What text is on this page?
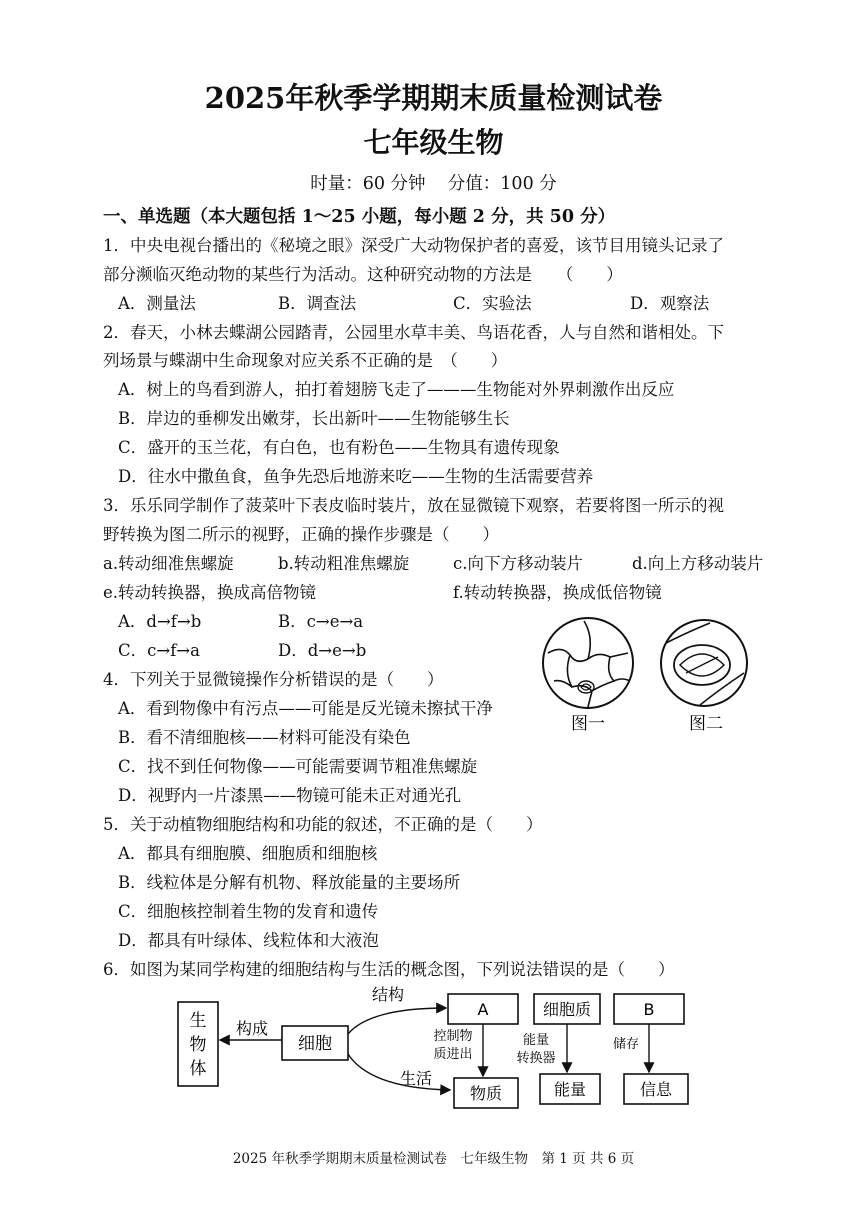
2025年秋季学期期末质量检测试卷
七年级生物
时量：60 分钟    分值：100 分
一、单选题（本大题包括 1～25 小题，每小题 2 分，共 50 分）
1．中央电视台播出的《秘境之眼》深受广大动物保护者的喜爱，该节目用镜头记录了
部分濒临灭绝动物的某些行为活动。这种研究动物的方法是　　（　　）
A．测量法	B．调查法	C．实验法	D．观察法
2．春天，小林去蝶湖公园踏青，公园里水草丰美、鸟语花香，人与自然和谐相处。下
列场景与蝶湖中生命现象对应关系不正确的是　（　　）
A．树上的鸟看到游人，拍打着翅膀飞走了———生物能对外界刺激作出反应
B．岸边的垂柳发出嫩芽，长出新叶——生物能够生长
C．盛开的玉兰花，有白色，也有粉色——生物具有遗传现象
D．往水中撒鱼食，鱼争先恐后地游来吃——生物的生活需要营养
3．乐乐同学制作了菠菜叶下表皮临时装片，放在显微镜下观察，若要将图一所示的视
野转换为图二所示的视野，正确的操作步骤是（　　）
a.转动细准焦螺旋	b.转动粗准焦螺旋	c.向下方移动装片	d.向上方移动装片
e.转动转换器，换成高倍物镜	f.转动转换器，换成低倍物镜
A．d→f→b	B．c→e→a
C．c→f→a	D．d→e→b
图一	图二
4．下列关于显微镜操作分析错误的是（　　）
A．看到物像中有污点——可能是反光镜未擦拭干净
B．看不清细胞核——材料可能没有染色
C．找不到任何物像——可能需要调节粗准焦螺旋
D．视野内一片漆黑——物镜可能未正对通光孔
5．关于动植物细胞结构和功能的叙述，不正确的是（　　）
A．都具有细胞膜、细胞质和细胞核
B．线粒体是分解有机物、释放能量的主要场所
C．细胞核控制着生物的发育和遗传
D．都具有叶绿体、线粒体和大液泡
6．如图为某同学构建的细胞结构与生活的概念图，下列说法错误的是（　　）
生
物
体
构成
细胞
结构
生活
A	细胞质	B
控制物
质进出
能量
转换器
储存
物质	能量	信息
2025 年秋季学期期末质量检测试卷　七年级生物　第 1 页 共 6 页
